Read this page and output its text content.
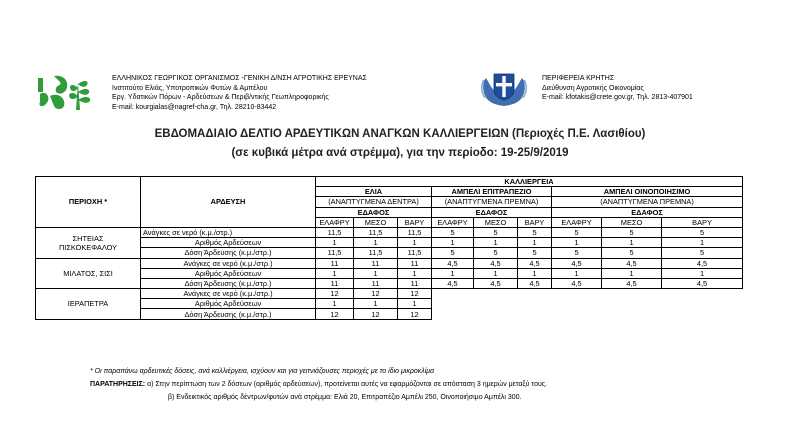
ΕΛΛΗΝΙΚΟΣ ΓΕΩΡΓΙΚΟΣ ΟΡΓΑΝΙΣΜΟΣ -ΓΕΝΙΚΗ Δ/ΝΣΗ ΑΓΡΟΤΙΚΗΣ ΕΡΕΥΝΑΣ
Ινστιτούτο Ελιάς, Υποτροπικών Φυτών & Αμπέλου
Εργ. Υδατικών Πόρων - Αρδεύσεων & Περιβ/ντικής Γεωπληροφορικής
E-mail: kourgialas@nagref-cha.gr, Τηλ. 28210-83442
ΠΕΡΙΦΕΡΕΙΑ ΚΡΗΤΗΣ
Διεύθυνση Αγροτικής Οικονομίας
E-mail: kfotakis@crete.gov.gr, Τηλ. 2813-407901
ΕΒΔΟΜΑΔΙΑΙΟ ΔΕΛΤΙΟ ΑΡΔΕΥΤΙΚΩΝ ΑΝΑΓΚΩΝ ΚΑΛΛΙΕΡΓΕΙΩΝ (Περιοχές Π.Ε. Λασιθίου)
(σε κυβικά μέτρα ανά στρέμμα), για την περίοδο: 19-25/9/2019
ΠΕΡΙΟΧΗ *	ΑΡΔΕΥΣΗ	ΚΑΛΛΙΕΡΓΕΙΑ								
		ΕΛΙΑ			ΑΜΠΕΛΙ ΕΠΙΤΡΑΠΕΖΙΟ			ΑΜΠΕΛΙ ΟΙΝΟΠΟΙΗΣΙΜΟ		
		(ΑΝΑΠΤΥΓΜΕΝΑ ΔΕΝΤΡΑ)			(ΑΝΑΠΤΥΓΜΕΝΑ ΠΡΕΜΝΑ)			(ΑΝΑΠΤΥΓΜΕΝΑ ΠΡΕΜΝΑ)		
		ΕΔΑΦΟΣ			ΕΔΑΦΟΣ			ΕΔΑΦΟΣ		
		ΕΛΑΦΡΥ	ΜΕΣΟ	ΒΑΡΥ	ΕΛΑΦΡΥ	ΜΕΣΟ	ΒΑΡΥ	ΕΛΑΦΡΥ	ΜΕΣΟ	ΒΑΡΥ

ΣΗΤΕΙΑΣ
ΠΙΣΚΟΚΕΦΑΛΟΥ	Ανάγκες σε νερό (κ.μ./στρ.)	11,5	11,5	11,5	5	5	5	5	5	5
	Αριθμός Αρδεύσεων	1	1	1	1	1	1	1	1	1
	Δόση Άρδευσης (κ.μ./στρ.)	11,5	11,5	11,5	5	5	5	5	5	5

ΜΙΛΑΤΟΣ, ΣΙΣΙ	Ανάγκες σε νερό (κ.μ./στρ.)	11	11	11	4,5	4,5	4,5	4,5	4,5	4,5
	Αριθμός Αρδεύσεων	1	1	1	1	1	1	1	1	1
	Δόση Άρδευσης (κ.μ./στρ.)	11	11	11	4,5	4,5	4,5	4,5	4,5	4,5

ΙΕΡΑΠΕΤΡΑ	Ανάγκες σε νερό (κ.μ./στρ.)	12	12	12						
	Αριθμός Αρδεύσεων	1	1	1						
	Δόση Άρδευσης (κ.μ./στρ.)	12	12	12						
* Οι παραπάνω αρδευτικές δόσεις, ανά καλλιέργεια, ισχύουν και για γειτνιάζουσες περιοχές με το ίδιο μικροκλίμα
ΠΑΡΑΤΗΡΗΣΕΙΣ: α) Στην περίπτωση των 2 δόσεων (αριθμός αρδεύσεων), προτείνεται αυτές να εφαρμόζονται σε απόσταση 3 ημερών μεταξύ τους.
β) Ενδεικτικός αριθμός δέντρων/φυτών ανά στρέμμα: Ελιά 20, Επιτραπέζιο Αμπέλι 250, Οινοποιήσιμο Αμπέλι 300.
